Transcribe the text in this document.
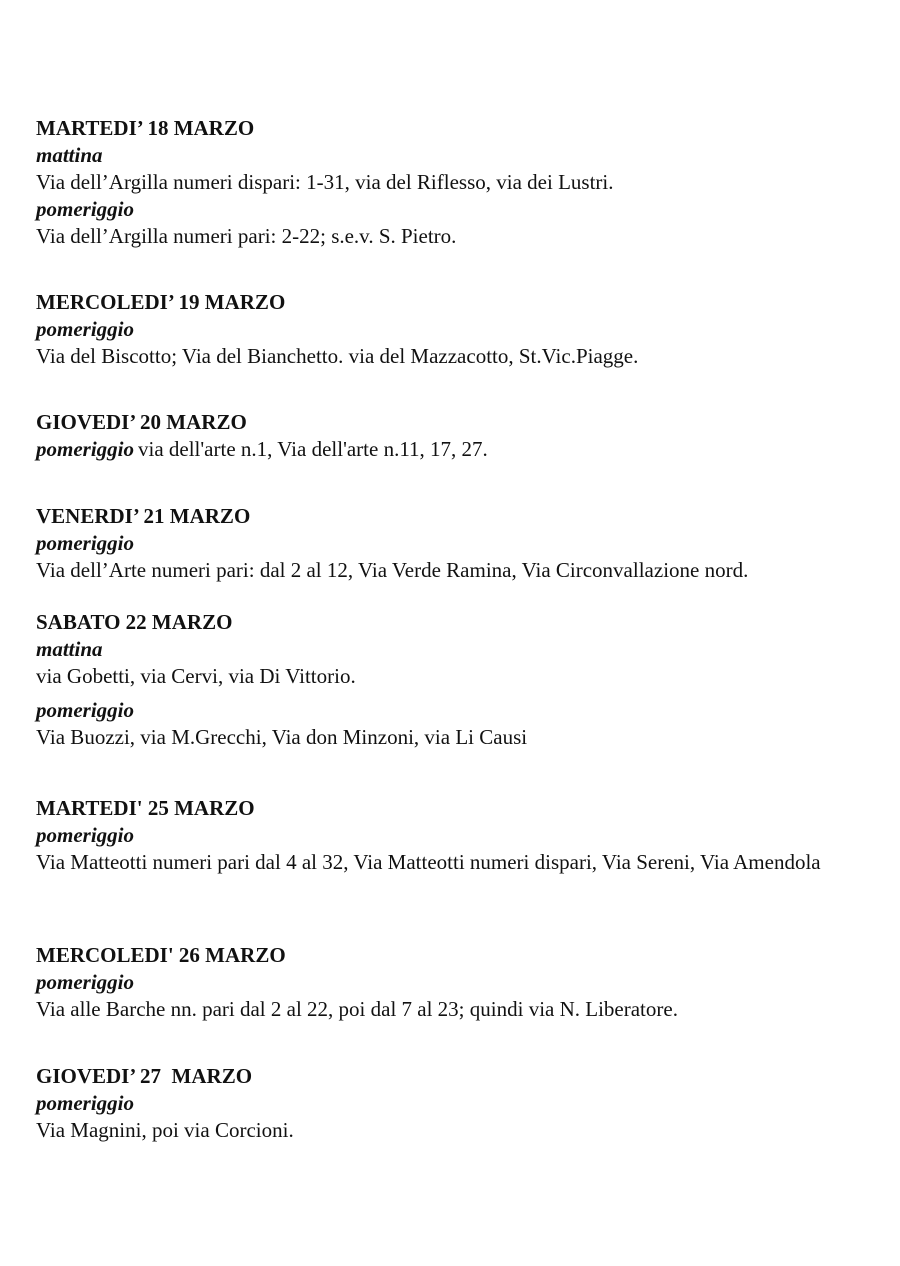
MARTEDI’ 18 MARZO
mattina
Via dell’Argilla numeri dispari: 1-31, via del Riflesso, via dei Lustri.
pomeriggio
Via dell’Argilla numeri pari: 2-22; s.e.v. S. Pietro.
MERCOLEDI’ 19 MARZO
pomeriggio
Via del Biscotto; Via del Bianchetto. via del Mazzacotto, St.Vic.Piagge.
GIOVEDI’ 20 MARZO
pomeriggio via dell'arte n.1, Via dell'arte n.11, 17, 27.
VENERDI’ 21 MARZO
pomeriggio
Via dell’Arte numeri pari: dal 2 al 12, Via Verde Ramina, Via Circonvallazione nord.
SABATO 22 MARZO
mattina
via Gobetti, via Cervi, via Di Vittorio.
pomeriggio
Via Buozzi, via M.Grecchi, Via don Minzoni, via Li Causi
MARTEDI' 25 MARZO
pomeriggio
Via Matteotti numeri pari dal 4 al 32, Via Matteotti numeri dispari, Via Sereni, Via Amendola
MERCOLEDI' 26 MARZO
pomeriggio
Via alle Barche nn. pari dal 2 al 22, poi dal 7 al 23; quindi via N. Liberatore.
GIOVEDI’ 27  MARZO
pomeriggio
Via Magnini, poi via Corcioni.
